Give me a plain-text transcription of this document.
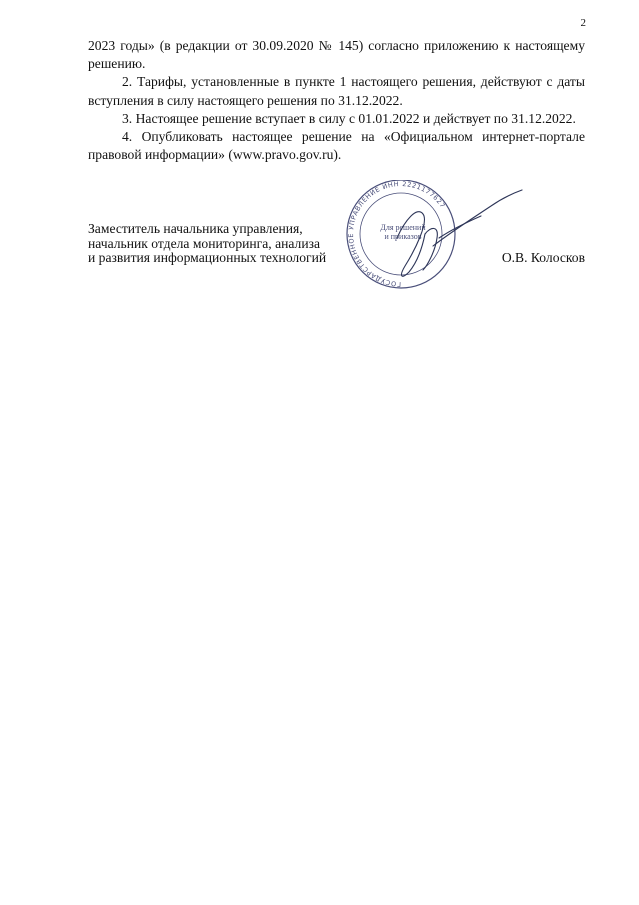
2

2023 годы» (в редакции от 30.09.2020 № 145) согласно приложению к настоящему решению.

2. Тарифы, установленные в пункте 1 настоящего решения, действуют с даты вступления в силу настоящего решения по 31.12.2022.

3. Настоящее решение вступает в силу с 01.01.2022 и действует по 31.12.2022.

4. Опубликовать настоящее решение на «Официальном интернет-портале правовой информации» (www.pravo.gov.ru).

Заместитель начальника управления,
начальник отдела мониторинга, анализа
и развития информационных технологий	О.В. Колосков
ГОСУДАРСТВЕННОЕ УПРАВЛЕНИЕ ИНН 2221177627
Для решений
и приказов
